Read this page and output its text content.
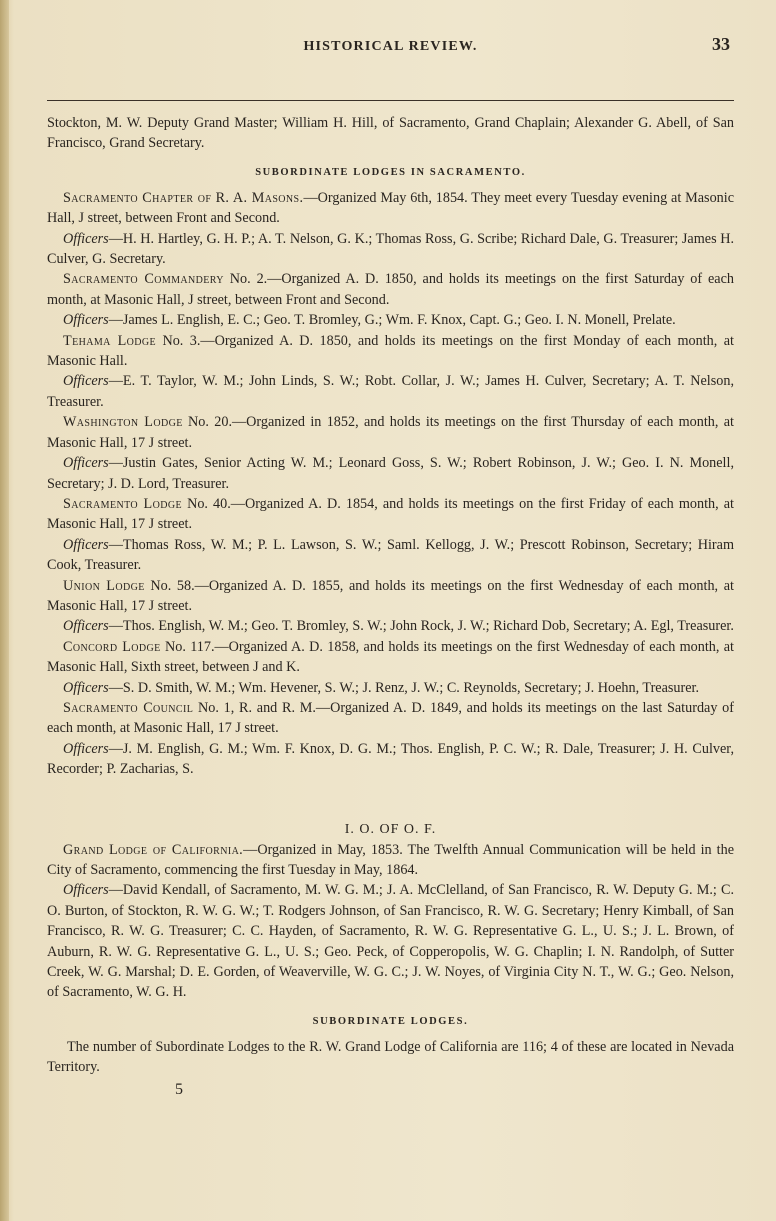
HISTORICAL REVIEW.	33

Stockton, M. W. Deputy Grand Master; William H. Hill, of Sacramento, Grand Chaplain; Alexander G. Abell, of San Francisco, Grand Secretary.

SUBORDINATE LODGES IN SACRAMENTO.

Sacramento Chapter of R. A. Masons.—Organized May 6th, 1854. They meet every Tuesday evening at Masonic Hall, J street, between Front and Second.

Officers—H. H. Hartley, G. H. P.; A. T. Nelson, G. K.; Thomas Ross, G. Scribe; Richard Dale, G. Treasurer; James H. Culver, G. Secretary.

Sacramento Commandery No. 2.—Organized A. D. 1850, and holds its meetings on the first Saturday of each month, at Masonic Hall, J street, between Front and Second.

Officers—James L. English, E. C.; Geo. T. Bromley, G.; Wm. F. Knox, Capt. G.; Geo. I. N. Monell, Prelate.

Tehama Lodge No. 3.—Organized A. D. 1850, and holds its meetings on the first Monday of each month, at Masonic Hall.

Officers—E. T. Taylor, W. M.; John Linds, S. W.; Robt. Collar, J. W.; James H. Culver, Secretary; A. T. Nelson, Treasurer.

Washington Lodge No. 20.—Organized in 1852, and holds its meetings on the first Thursday of each month, at Masonic Hall, 17 J street.

Officers—Justin Gates, Senior Acting W. M.; Leonard Goss, S. W.; Robert Robinson, J. W.; Geo. I. N. Monell, Secretary; J. D. Lord, Treasurer.

Sacramento Lodge No. 40.—Organized A. D. 1854, and holds its meetings on the first Friday of each month, at Masonic Hall, 17 J street.

Officers—Thomas Ross, W. M.; P. L. Lawson, S. W.; Saml. Kellogg, J. W.; Prescott Robinson, Secretary; Hiram Cook, Treasurer.

Union Lodge No. 58.—Organized A. D. 1855, and holds its meetings on the first Wednesday of each month, at Masonic Hall, 17 J street.

Officers—Thos. English, W. M.; Geo. T. Bromley, S. W.; John Rock, J. W.; Richard Dob, Secretary; A. Egl, Treasurer.

Concord Lodge No. 117.—Organized A. D. 1858, and holds its meetings on the first Wednesday of each month, at Masonic Hall, Sixth street, between J and K.

Officers—S. D. Smith, W. M.; Wm. Hevener, S. W.; J. Renz, J. W.; C. Reynolds, Secretary; J. Hoehn, Treasurer.

Sacramento Council No. 1, R. and R. M.—Organized A. D. 1849, and holds its meetings on the last Saturday of each month, at Masonic Hall, 17 J street.

Officers—J. M. English, G. M.; Wm. F. Knox, D. G. M.; Thos. English, P. C. W.; R. Dale, Treasurer; J. H. Culver, Recorder; P. Zacharias, S.

I. O. OF O. F.

Grand Lodge of California.—Organized in May, 1853. The Twelfth Annual Communication will be held in the City of Sacramento, commencing the first Tuesday in May, 1864.

Officers—David Kendall, of Sacramento, M. W. G. M.; J. A. McClelland, of San Francisco, R. W. Deputy G. M.; C. O. Burton, of Stockton, R. W. G. W.; T. Rodgers Johnson, of San Francisco, R. W. G. Secretary; Henry Kimball, of San Francisco, R. W. G. Treasurer; C. C. Hayden, of Sacramento, R. W. G. Representative G. L., U. S.; J. L. Brown, of Auburn, R. W. G. Representative G. L., U. S.; Geo. Peck, of Copperopolis, W. G. Chaplin; I. N. Randolph, of Sutter Creek, W. G. Marshal; D. E. Gorden, of Weaverville, W. G. C.; J. W. Noyes, of Virginia City N. T., W. G.; Geo. Nelson, of Sacramento, W. G. H.

SUBORDINATE LODGES.

The number of Subordinate Lodges to the R. W. Grand Lodge of California are 116; 4 of these are located in Nevada Territory.

5
